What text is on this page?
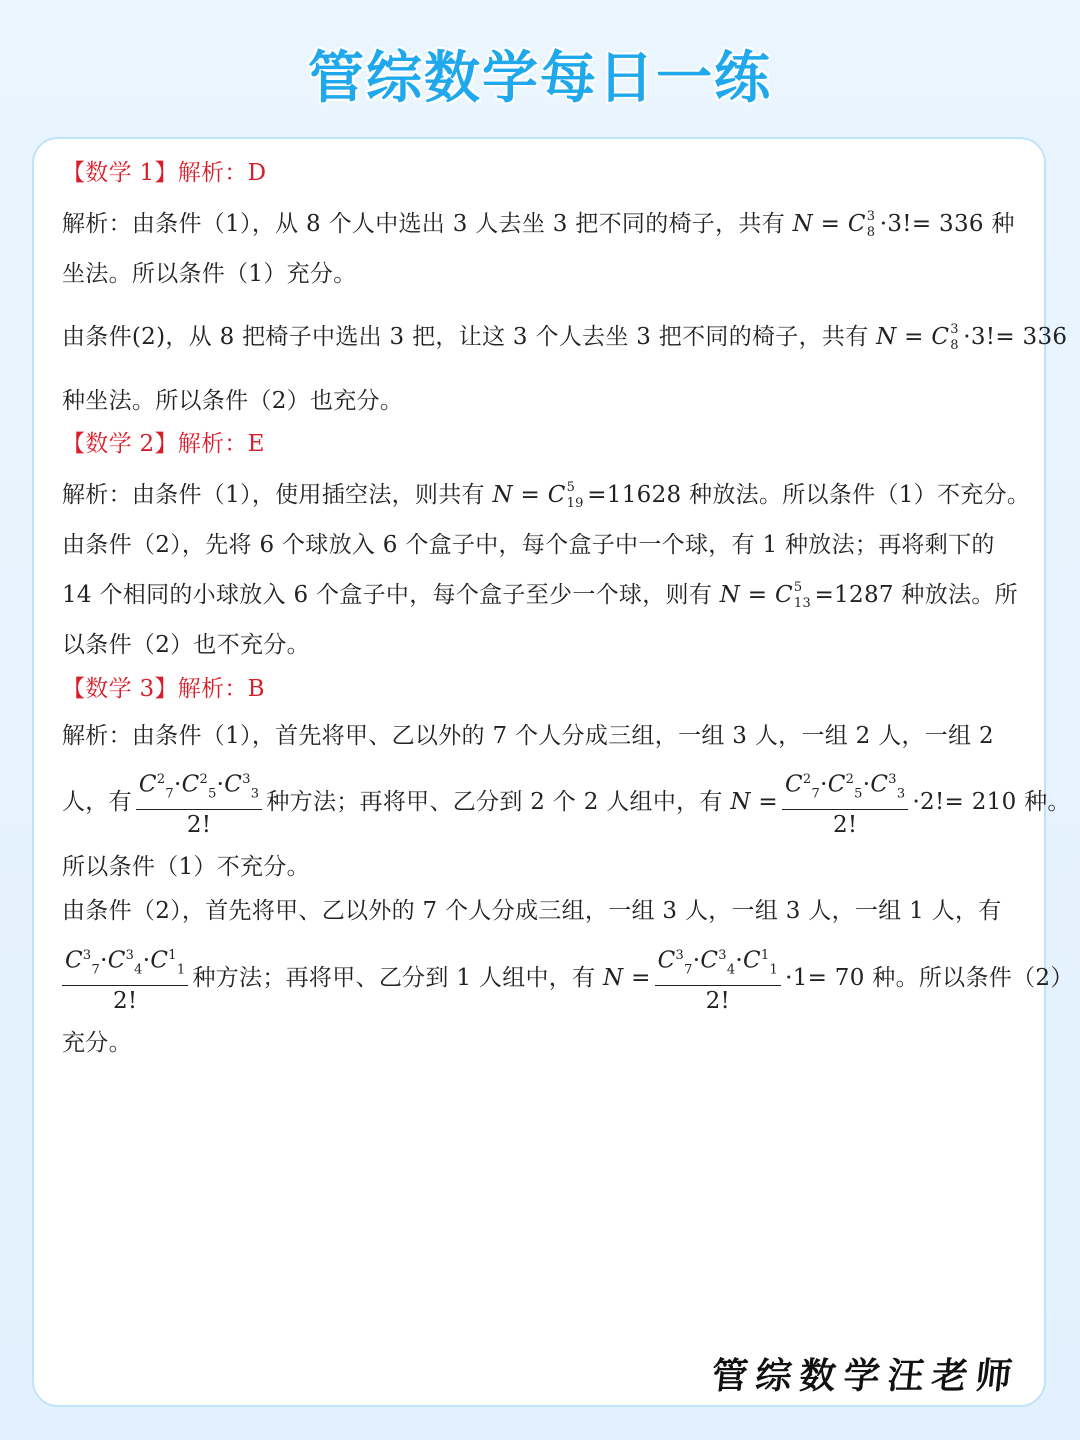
管综数学每日一练
【数学 1】解析：D
解析：由条件（1），从 8 个人中选出 3 人去坐 3 把不同的椅子，共有 N = C 3
8 ·3!= 336 种
坐法。所以条件（1）充分。
由条件(2)，从 8 把椅子中选出 3 把，让这 3 个人去坐 3 把不同的椅子，共有 N = C 3
8 ·3!= 336
种坐法。所以条件（2）也充分。
【数学 2】解析：E
解析：由条件（1），使用插空法，则共有 N = C 5
19
=11628 种放法。所以条件（1）不充分。
由条件（2），先将 6 个球放入 6 个盒子中，每个盒子中一个球，有 1 种放法；再将剩下的
14 个相同的小球放入 6 个盒子中，每个盒子至少一个球，则有 N = C 5
13
=1287 种放法。所
以条件（2）也不充分。
【数学 3】解析：B
解析：由条件（1），首先将甲、乙以外的 7 个人分成三组，一组 3 人，一组 2 人，一组 2
人，有 $\frac{C^2_7\cdot C^2_5\cdot C^3_3}{2!}$ 种方法；再将甲、乙分到 2 个 2 人组中，有 $N = \frac{C^2_7\cdot C^2_5\cdot C^3_3}{2!} \cdot 2!= 210$ 种。
所以条件（1）不充分。
由条件（2），首先将甲、乙以外的 7 个人分成三组，一组 3 人，一组 3 人，一组 1 人，有
$\frac{C^3_7\cdot C^3_4\cdot C^1_1}{2!}$ 种方法；再将甲、乙分到 1 人组中，有 $N = \frac{C^3_7\cdot C^3_4\cdot C^1_1}{2!} \cdot 1= 70$ 种。所以条件（2）
充分。
管综数学汪老师
